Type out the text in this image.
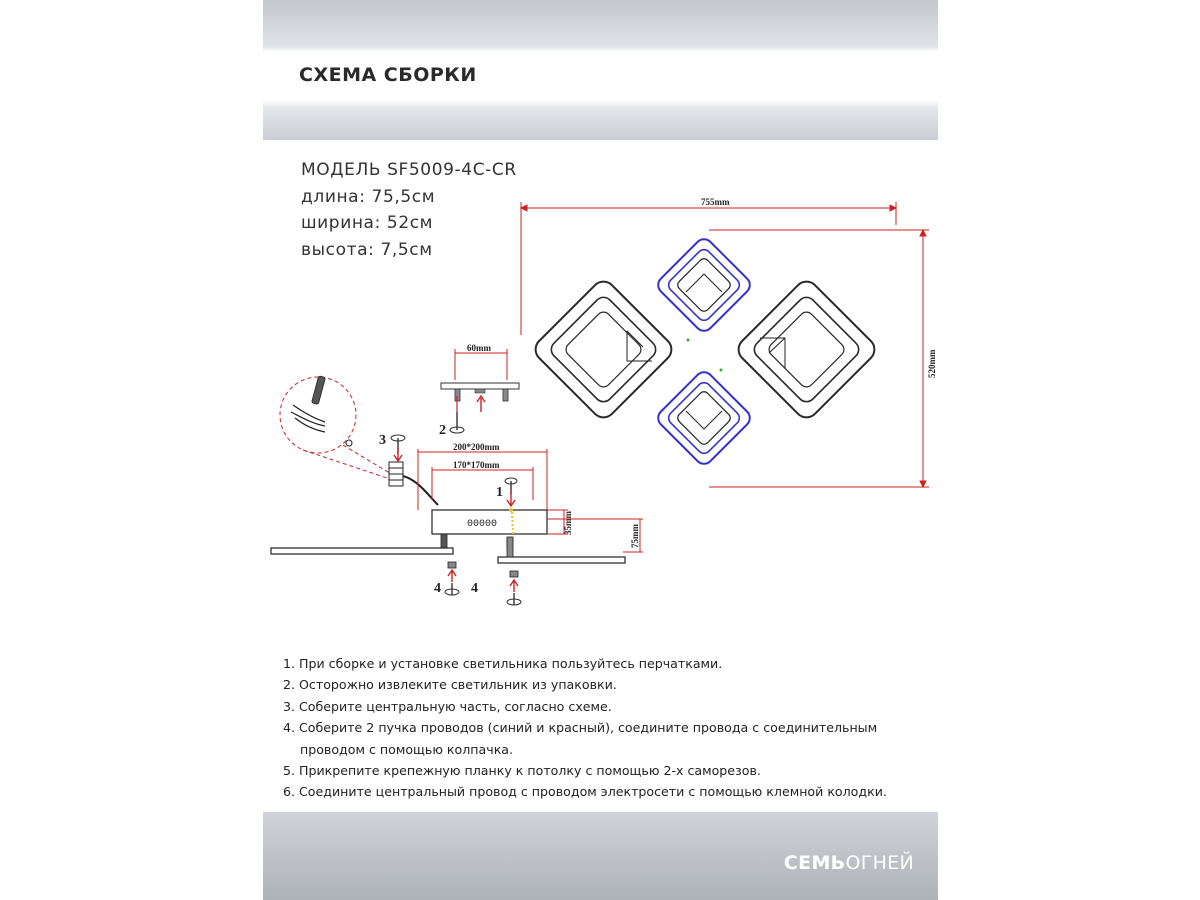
СХЕМА СБОРКИ
МОДЕЛЬ SF5009-4C-CR
длина: 75,5см
ширина: 52см
высота: 7,5см
755mm
520mm
60mm
2
3	200*200mm
170*170mm
00000
1
35mm
75mm
4 4
1. При сборке и установке светильника пользуйтесь перчатками.
2. Осторожно извлеките светильник из упаковки.
3. Соберите центральную часть, согласно схеме.
4. Соберите 2 пучка проводов (синий и красный), соедините провода с соединительным
проводом с помощью колпачка.
5. Прикрепите крепежную планку к потолку с помощью 2-х саморезов.
6. Соедините центральный провод с проводом электросети с помощью клемной колодки.
СЕМЬОГНЕЙ
